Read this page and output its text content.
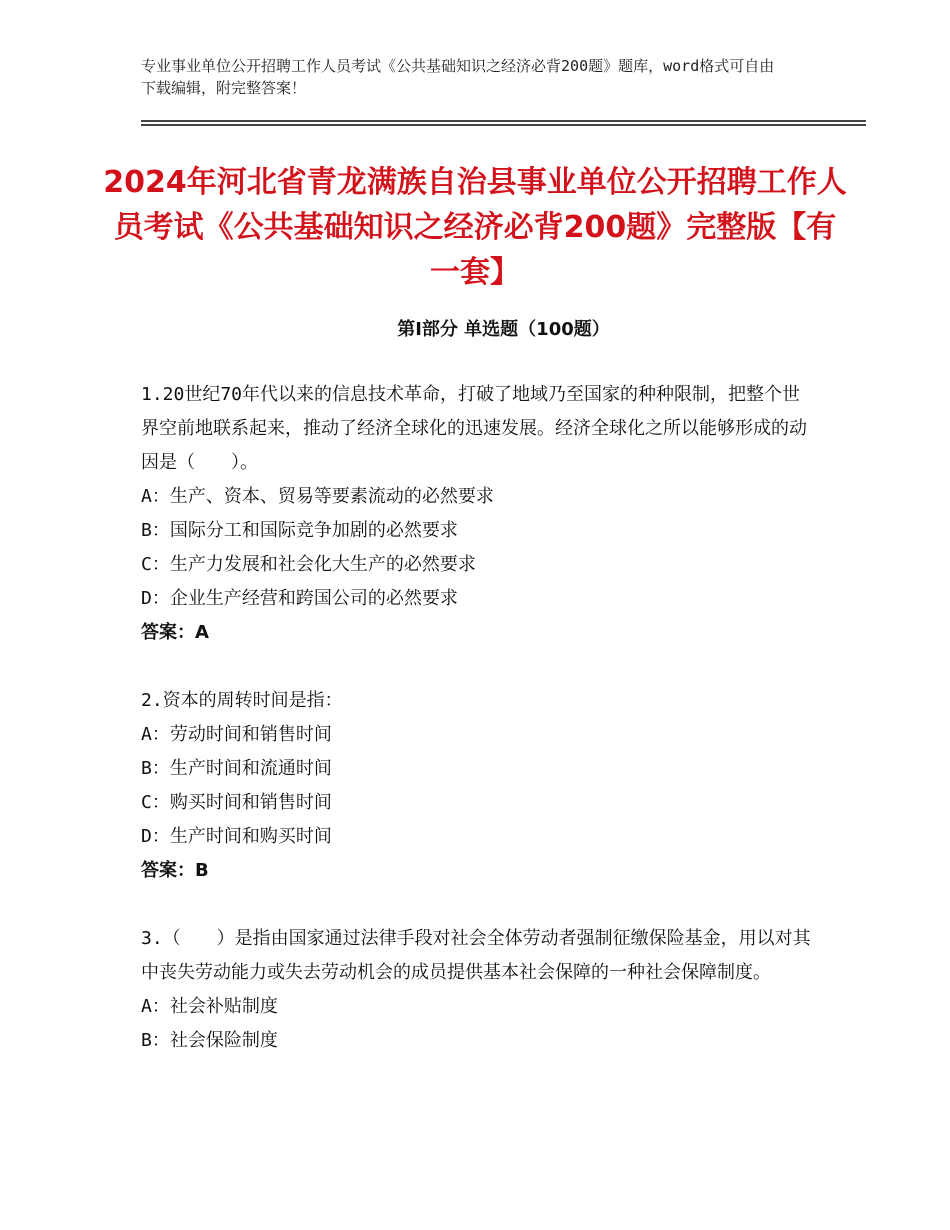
专业事业单位公开招聘工作人员考试《公共基础知识之经济必背200题》题库，word格式可自由下载编辑，附完整答案！
2024年河北省青龙满族自治县事业单位公开招聘工作人员考试《公共基础知识之经济必背200题》完整版【有一套】
第Ⅰ部分 单选题（100题）

1.20世纪70年代以来的信息技术革命，打破了地域乃至国家的种种限制，把整个世界空前地联系起来，推动了经济全球化的迅速发展。经济全球化之所以能够形成的动因是（　　）。

A：生产、资本、贸易等要素流动的必然要求

B：国际分工和国际竞争加剧的必然要求

C：生产力发展和社会化大生产的必然要求

D：企业生产经营和跨国公司的必然要求

答案：A

2.资本的周转时间是指：

A：劳动时间和销售时间

B：生产时间和流通时间

C：购买时间和销售时间

D：生产时间和购买时间

答案：B

3.（　　）是指由国家通过法律手段对社会全体劳动者强制征缴保险基金，用以对其中丧失劳动能力或失去劳动机会的成员提供基本社会保障的一种社会保障制度。

A：社会补贴制度

B：社会保险制度
